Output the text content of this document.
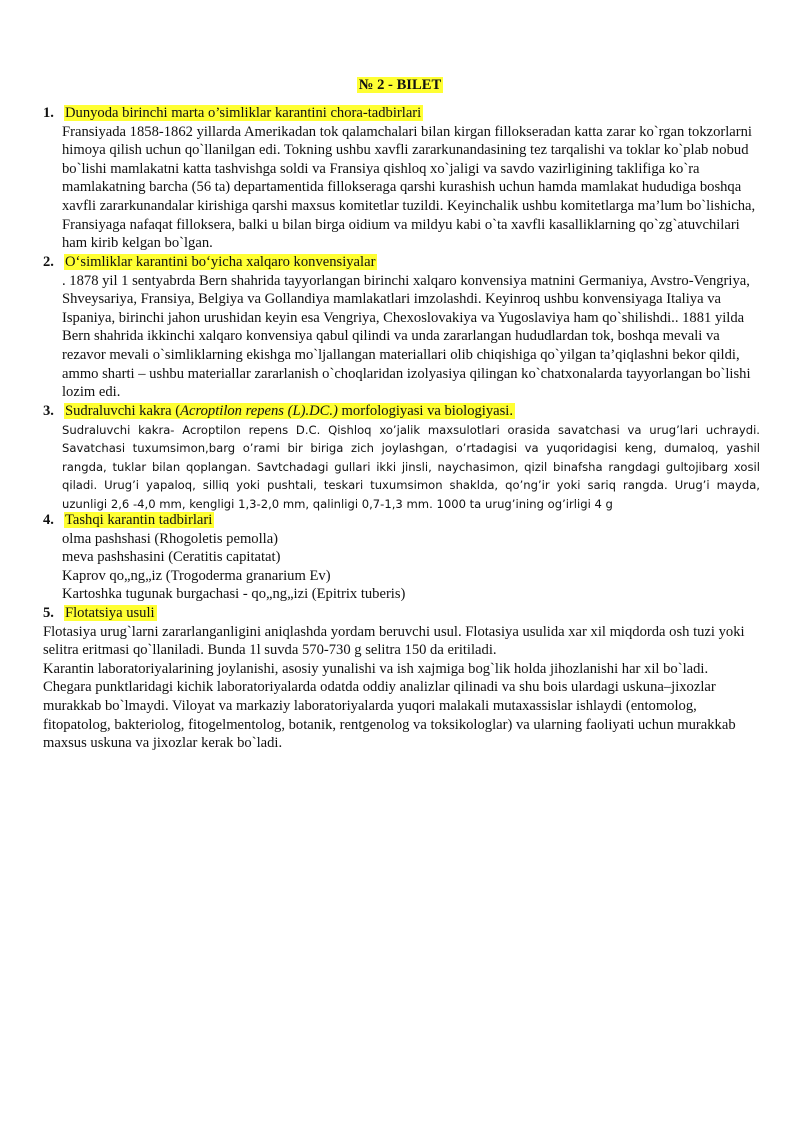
№ 2 - BILET
1. Dunyoda birinchi marta o’simliklar karantini chora-tadbirlari
Fransiyada 1858-1862 yillarda Amerikadan tok qalamchalari bilan kirgan fillokseradan katta zarar ko`rgan tokzorlarni himoya qilish uchun qo`llanilgan edi. Tokning ushbu xavfli zararkunandasining tez tarqalishi va toklar ko`plab nobud bo`lishi mamlakatni katta tashvishga soldi va Fransiya qishloq xo`jaligi va savdo vazirligining taklifiga ko`ra mamlakatning barcha (56 ta) departamentida fillokseraga qarshi kurashish uchun hamda mamlakat hududiga boshqa xavfli zararkunandalar kirishiga qarshi maxsus komitetlar tuzildi. Keyinchalik ushbu komitetlarga ma’lum bo`lishicha, Fransiyaga nafaqat filloksera, balki u bilan birga oidium va mildyu kabi o`ta xavfli kasalliklarning qo`zg`atuvchilari ham kirib kelgan bo`lgan.
2. O‘simliklar karantini bo‘yicha xalqaro konvensiyalar
. 1878 yil 1 sentyabrda Bern shahrida tayyorlangan birinchi xalqaro konvensiya matnini Germaniya, Avstro-Vengriya, Shveysariya, Fransiya, Belgiya va Gollandiya mamlakatlari imzolashdi. Keyinroq ushbu konvensiyaga Italiya va Ispaniya, birinchi jahon urushidan keyin esa Vengriya, Chexoslovakiya va Yugoslaviya ham qo`shilishdi.. 1881 yilda Bern shahrida ikkinchi xalqaro konvensiya qabul qilindi va unda zararlangan hududlardan tok, boshqa mevali va rezavor mevali o`simliklarning ekishga mo`ljallangan materiallari olib chiqishiga qo`yilgan ta’qiqlashni bekor qildi, ammo sharti – ushbu materiallar zararlanish o`choqlaridan izolyasiya qilingan ko`chatxonalarda tayyorlangan bo`lishi lozim edi.
3. Sudraluvchi kakra (Acroptilon repens (L).DC.) morfologiyasi va biologiyasi.
Sudraluvchi kakra- Acroptilon repens D.C. Qishloq xo’jalik maxsulotlari orasida savatchasi va urug’lari uchraydi. Savatchasi tuxumsimon,barg o’rami bir biriga zich joylashgan, o’rtadagisi va yuqoridagisi keng, dumaloq, yashil rangda, tuklar bilan qoplangan. Savtchadagi gullari ikki jinsli, naychasimon, qizil binafsha rangdagi gultojibarg xosil qiladi. Urug’i yapaloq, silliq yoki pushtali, teskari tuxumsimon shaklda, qo’ng’ir yoki sariq rangda. Urug’i mayda, uzunligi 2,6 -4,0 mm, kengligi 1,3-2,0 mm, qalinligi 0,7-1,3 mm. 1000 ta urug’ining og’irligi 4 g
4. Tashqi karantin tadbirlari
olma pashshasi (Rhogoletis pemolla)
meva pashshasini (Ceratitis capitatat)
Kaprov qo„ng„iz (Trogoderma granarium Ev)
Kartoshka tugunak burgachasi - qo„ng„izi (Epitrix tuberis)
5. Flotatsiya usuli
Flotasiya urug`larni zararlanganligini aniqlashda yordam beruvchi usul. Flotasiya usulida xar xil miqdorda osh tuzi yoki selitra eritmasi qo`llaniladi. Bunda 1l suvda 570-730 g selitra 150 da eritiladi.
Karantin laboratoriyalarining joylanishi, asosiy yunalishi va ish xajmiga bog`lik holda jihozlanishi har xil bo`ladi. Chegara punktlaridagi kichik laboratoriyalarda odatda oddiy analizlar qilinadi va shu bois ulardagi uskuna–jixozlar murakkab bo`lmaydi. Viloyat va markaziy laboratoriyalarda yuqori malakali mutaxassislar ishlaydi (entomolog, fitopatolog, bakteriolog, fitogelmentolog, botanik, rentgenolog va toksikologlar) va ularning faoliyati uchun murakkab maxsus uskuna va jixozlar kerak bo`ladi.
